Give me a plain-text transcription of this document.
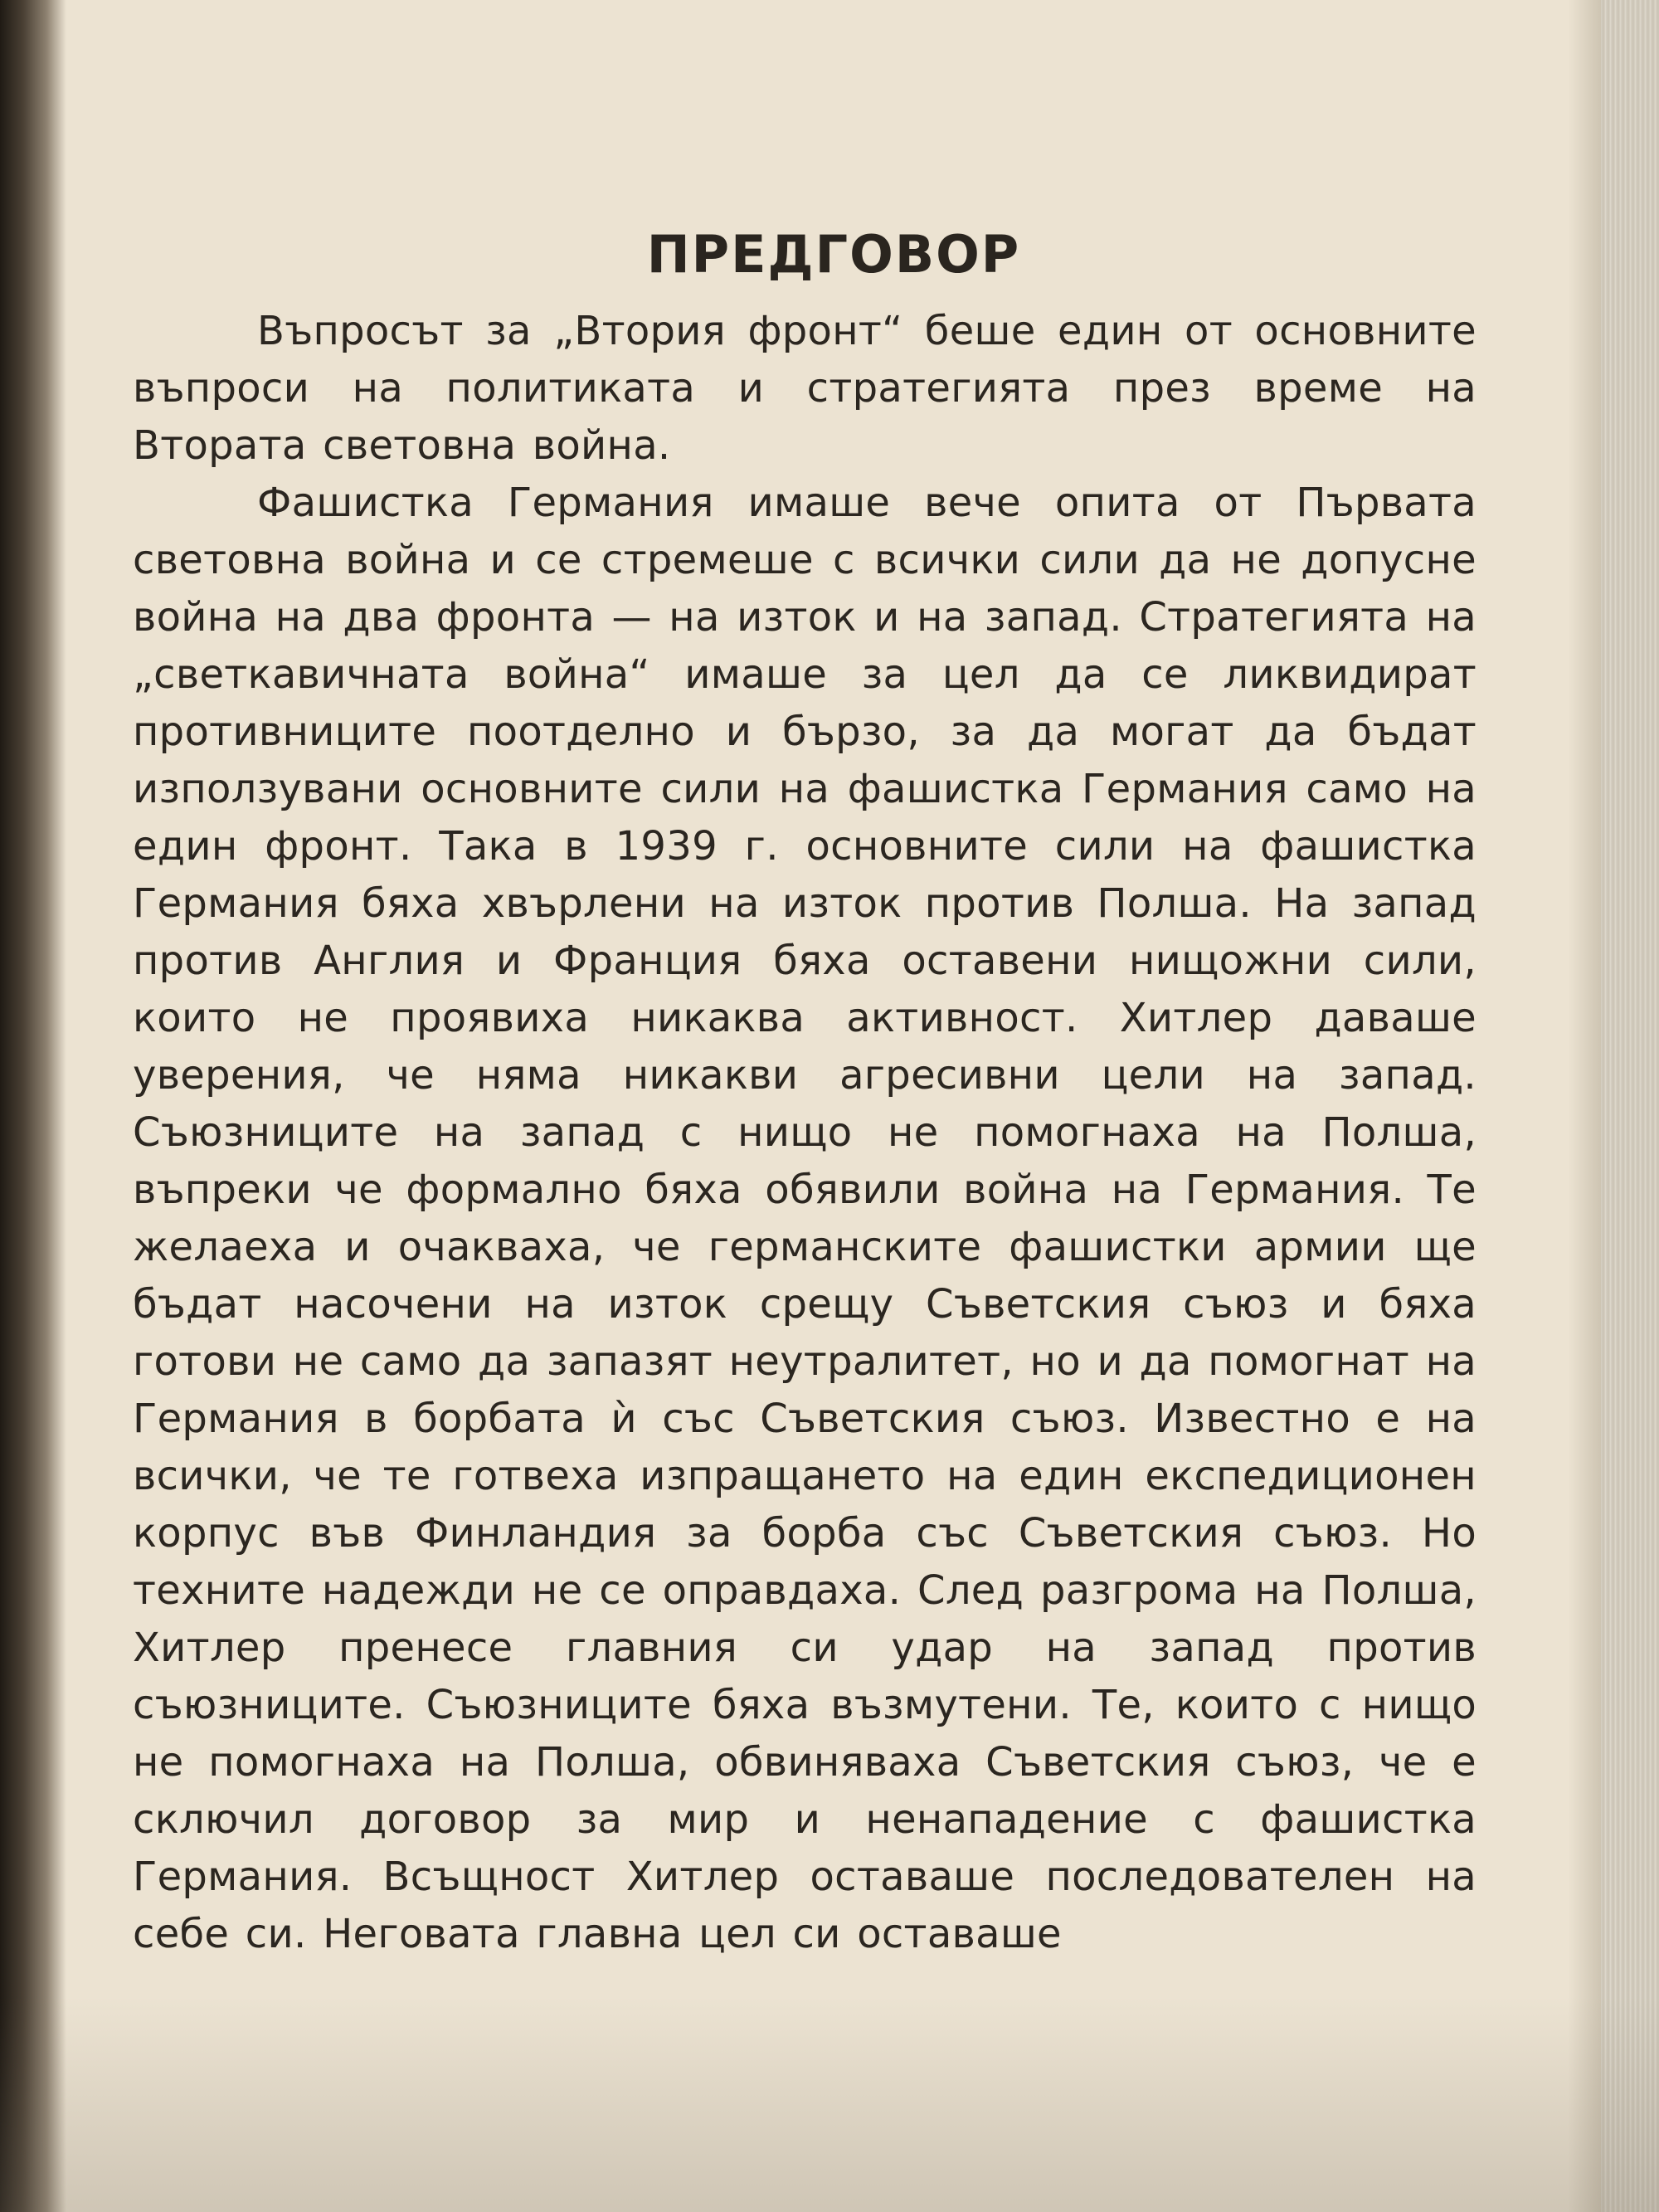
ПРЕДГОВОР

Въпросът за „Втория фронт“ беше един от основните въпроси на политиката и стратегията през време на Втората световна война.

Фашистка Германия имаше вече опита от Първата световна война и се стремеше с всички сили да не допусне война на два фронта — на изток и на запад. Стратегията на „светкавичната война“ имаше за цел да се ликвидират противниците поотделно и бързо, за да могат да бъдат използувани основните сили на фашистка Германия само на един фронт. Така в 1939 г. основните сили на фашистка Германия бяха хвърлени на изток против Полша. На запад против Англия и Франция бяха оставени нищожни сили, които не проявиха никаква активност. Хитлер даваше уверения, че няма никакви агресивни цели на запад. Съюзниците на запад с нищо не помогнаха на Полша, въпреки че формално бяха обявили война на Германия. Те желаеха и очакваха, че германските фашистки армии ще бъдат насочени на изток срещу Съветския съюз и бяха готови не само да запазят неутралитет, но и да помогнат на Германия в борбата ѝ със Съветския съюз. Известно е на всички, че те готвеха изпращането на един експедиционен корпус във Финландия за борба със Съветския съюз. Но техните надежди не се оправдаха. След разгрома на Полша, Хитлер пренесе главния си удар на запад против съюзниците. Съюзниците бяха възмутени. Те, които с нищо не помогнаха на Полша, обвиняваха Съветския съюз, че е сключил договор за мир и ненападение с фашистка Германия. Всъщност Хитлер оставаше последователен на себе си. Неговата главна цел си оставаше
